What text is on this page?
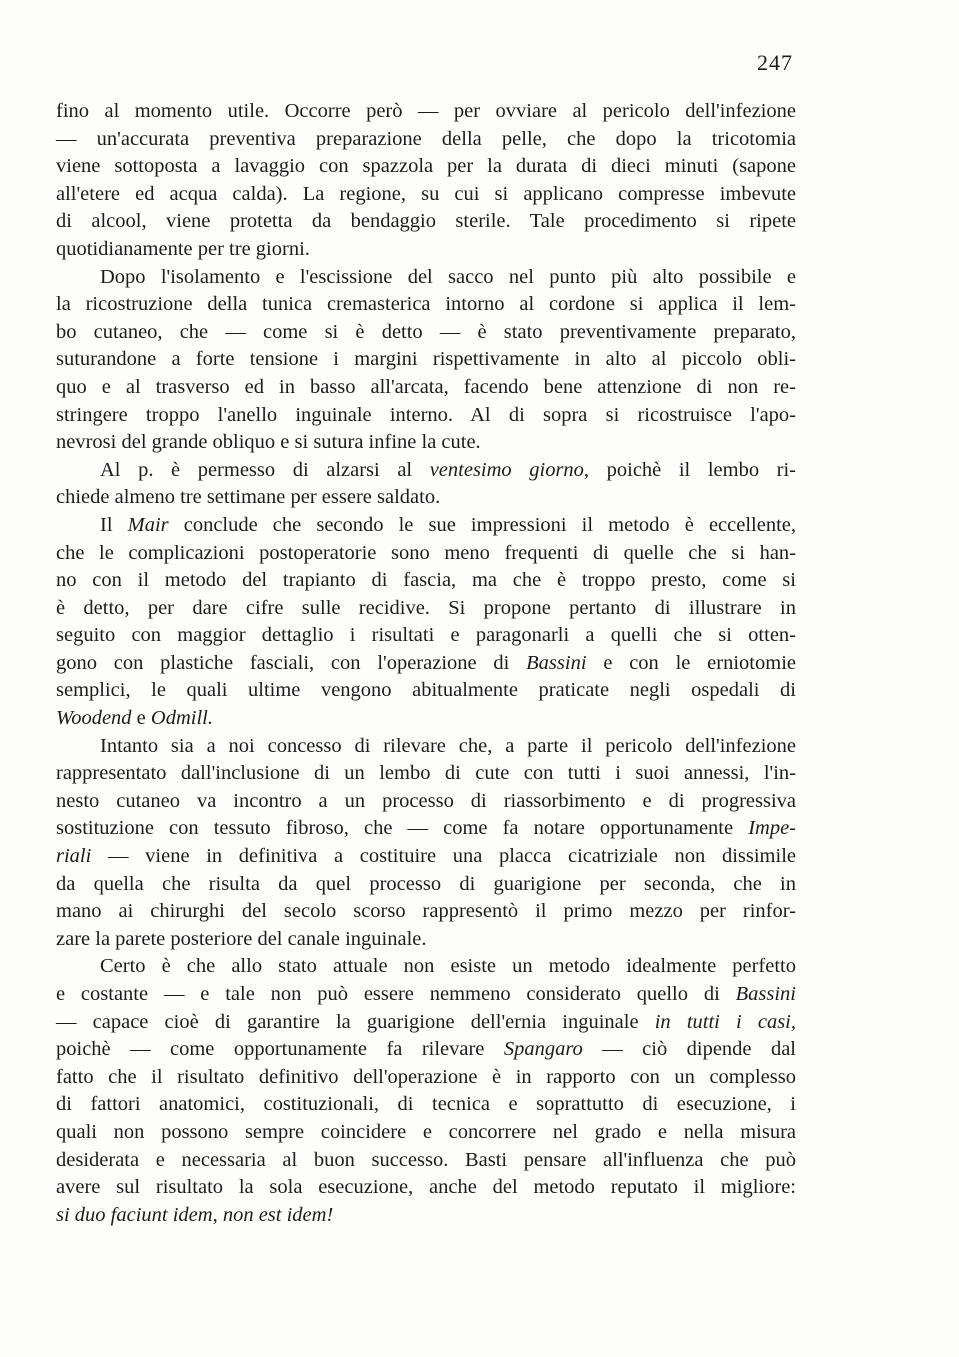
247
fino al momento utile. Occorre però — per ovviare al pericolo dell'infezione
— un'accurata preventiva preparazione della pelle, che dopo la tricotomia
viene sottoposta a lavaggio con spazzola per la durata di dieci minuti (sapone
all'etere ed acqua calda). La regione, su cui si applicano compresse imbevute
di alcool, viene protetta da bendaggio sterile. Tale procedimento si ripete
quotidianamente per tre giorni.
Dopo l'isolamento e l'escissione del sacco nel punto più alto possibile e
la ricostruzione della tunica cremasterica intorno al cordone si applica il lem-
bo cutaneo, che — come si è detto — è stato preventivamente preparato,
suturandone a forte tensione i margini rispettivamente in alto al piccolo obli-
quo e al trasverso ed in basso all'arcata, facendo bene attenzione di non re-
stringere troppo l'anello inguinale interno. Al di sopra si ricostruisce l'apo-
nevrosi del grande obliquo e si sutura infine la cute.
Al p. è permesso di alzarsi al ventesimo giorno, poichè il lembo ri-
chiede almeno tre settimane per essere saldato.
Il Mair conclude che secondo le sue impressioni il metodo è eccellente,
che le complicazioni postoperatorie sono meno frequenti di quelle che si han-
no con il metodo del trapianto di fascia, ma che è troppo presto, come si
è detto, per dare cifre sulle recidive. Si propone pertanto di illustrare in
seguito con maggior dettaglio i risultati e paragonarli a quelli che si otten-
gono con plastiche fasciali, con l'operazione di Bassini e con le erniotomie
semplici, le quali ultime vengono abitualmente praticate negli ospedali di
Woodend e Odmill.
Intanto sia a noi concesso di rilevare che, a parte il pericolo dell'infezione
rappresentato dall'inclusione di un lembo di cute con tutti i suoi annessi, l'in-
nesto cutaneo va incontro a un processo di riassorbimento e di progressiva
sostituzione con tessuto fibroso, che — come fa notare opportunamente Impe-
riali — viene in definitiva a costituire una placca cicatriziale non dissimile
da quella che risulta da quel processo di guarigione per seconda, che in
mano ai chirurghi del secolo scorso rappresentò il primo mezzo per rinfor-
zare la parete posteriore del canale inguinale.
Certo è che allo stato attuale non esiste un metodo idealmente perfetto
e costante — e tale non può essere nemmeno considerato quello di Bassini
— capace cioè di garantire la guarigione dell'ernia inguinale in tutti i casi,
poichè — come opportunamente fa rilevare Spangaro — ciò dipende dal
fatto che il risultato definitivo dell'operazione è in rapporto con un complesso
di fattori anatomici, costituzionali, di tecnica e soprattutto di esecuzione, i
quali non possono sempre coincidere e concorrere nel grado e nella misura
desiderata e necessaria al buon successo. Basti pensare all'influenza che può
avere sul risultato la sola esecuzione, anche del metodo reputato il migliore:
si duo faciunt idem, non est idem!
